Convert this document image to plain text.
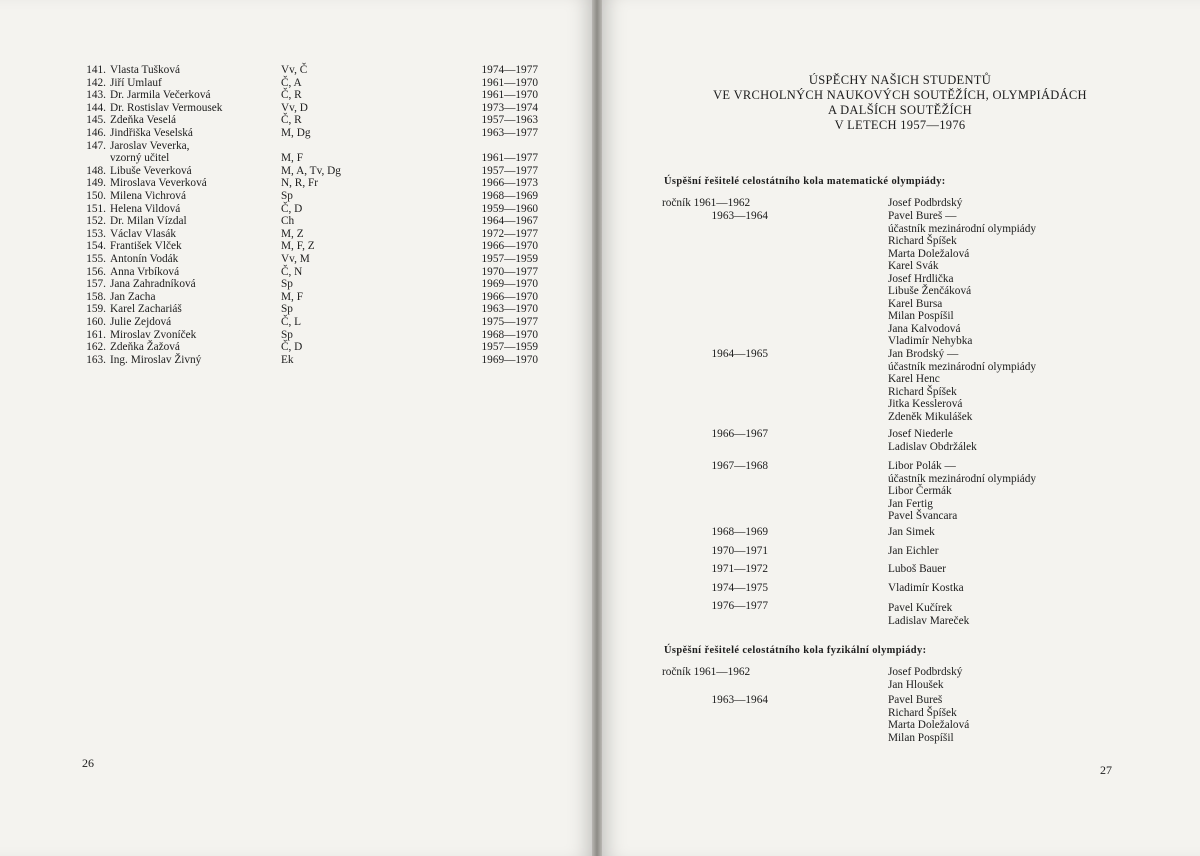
141. Vlasta Tušková	Vv, Č	1974—1977
142. Jiří Umlauf	Č, A	1961—1970
143. Dr. Jarmila Večerková	Č, R	1961—1970
144. Dr. Rostislav Vermousek	Vv, D	1973—1974
145. Zdeňka Veselá	Č, R	1957—1963
146. Jindřiška Veselská	M, Dg	1963—1977
147. Jaroslav Veverka,
vzorný učitel	M, F	1961—1977
148. Libuše Veverková	M, A, Tv, Dg	1957—1977
149. Miroslava Veverková	N, R, Fr	1966—1973
150. Milena Vichrová	Sp	1968—1969
151. Helena Vildová	Č, D	1959—1960
152. Dr. Milan Vízdal	Ch	1964—1967
153. Václav Vlasák	M, Z	1972—1977
154. František Vlček	M, F, Z	1966—1970
155. Antonín Vodák	Vv, M	1957—1959
156. Anna Vrbíková	Č, N	1970—1977
157. Jana Zahradníková	Sp	1969—1970
158. Jan Zacha	M, F	1966—1970
159. Karel Zachariáš	Sp	1963—1970
160. Julie Zejdová	Č, L	1975—1977
161. Miroslav Zvoníček	Sp	1968—1970
162. Zdeňka Žažová	Č, D	1957—1959
163. Ing. Miroslav Živný	Ek	1969—1970
26
ÚSPĚCHY NAŠICH STUDENTŮ
VE VRCHOLNÝCH NAUKOVÝCH SOUTĚŽÍCH, OLYMPIÁDÁCH
A DALŠÍCH SOUTĚŽÍCH
V LETECH 1957—1976
Úspěšní řešitelé celostátního kola matematické olympiády:
ročník 1961—1962	Josef Podbrdský
1963—1964	Pavel Bureš —
účastník mezinárodní olympiády
Richard Špíšek
Marta Doležalová
Karel Svák
Josef Hrdlička
Libuše Ženčáková
Karel Bursa
Milan Pospíšil
Jana Kalvodová
Vladimír Nehybka
1964—1965	Jan Brodský —
účastník mezinárodní olympiády
Karel Henc
Richard Špíšek
Jitka Kesslerová
Zdeněk Mikulášek
1966—1967	Josef Niederle
Ladislav Obdržálek
1967—1968	Libor Polák —
účastník mezinárodní olympiády
Libor Čermák
Jan Fertig
Pavel Švancara
1968—1969	Jan Simek
1970—1971	Jan Eichler
1971—1972	Luboš Bauer
1974—1975	Vladimír Kostka
1976—1977	Pavel Kučírek
Ladislav Mareček
Úspěšní řešitelé celostátního kola fyzikální olympiády:
ročník 1961—1962	Josef Podbrdský
Jan Hloušek
1963—1964	Pavel Bureš
Richard Špíšek
Marta Doležalová
Milan Pospíšil
27
